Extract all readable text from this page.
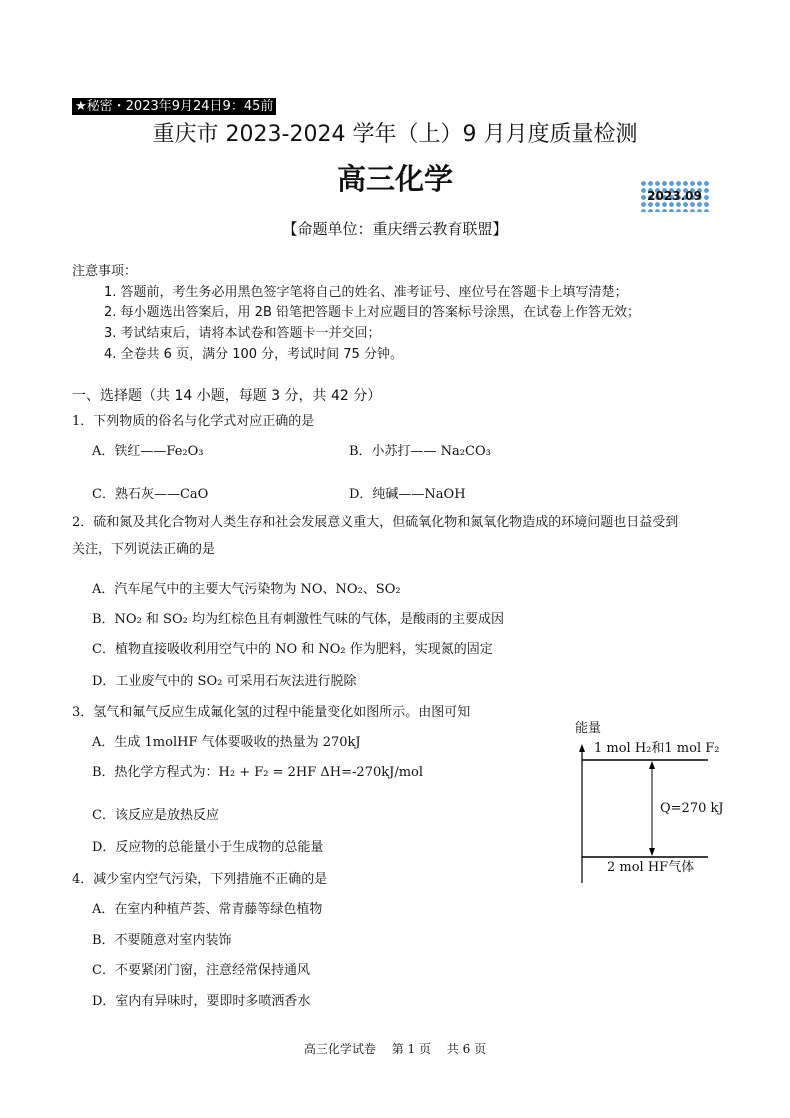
★秘密・2023年9月24日9：45前
重庆市 2023-2024 学年（上）9 月月度质量检测
高三化学	2023.09
【命题单位：重庆缙云教育联盟】
注意事项：
1. 答题前，考生务必用黑色签字笔将自己的姓名、准考证号、座位号在答题卡上填写清楚；
2. 每小题选出答案后，用 2B 铅笔把答题卡上对应题目的答案标号涂黑，在试卷上作答无效；
3. 考试结束后，请将本试卷和答题卡一并交回；
4. 全卷共 6 页，满分 100 分，考试时间 75 分钟。
一、选择题（共 14 小题，每题 3 分，共 42 分）
1．下列物质的俗名与化学式对应正确的是
A．铁红——Fe₂O₃	B．小苏打—— Na₂CO₃
C．熟石灰——CaO	D．纯碱——NaOH
2．硫和氮及其化合物对人类生存和社会发展意义重大，但硫氧化物和氮氧化物造成的环境问题也日益受到
关注，下列说法正确的是
A．汽车尾气中的主要大气污染物为 NO、NO₂、SO₂
B．NO₂ 和 SO₂ 均为红棕色且有刺激性气味的气体，是酸雨的主要成因
C．植物直接吸收利用空气中的 NO 和 NO₂ 作为肥料，实现氮的固定
D．工业废气中的 SO₂ 可采用石灰法进行脱除
3．氢气和氟气反应生成氟化氢的过程中能量变化如图所示。由图可知
A．生成 1molHF 气体要吸收的热量为 270kJ
B．热化学方程式为：H₂ + F₂ = 2HF ΔH=-270kJ/mol
C．该反应是放热反应
D．反应物的总能量小于生成物的总能量
能量
1 mol H₂和1 mol F₂
Q=270 kJ
2 mol HF气体
4．减少室内空气污染，下列措施不正确的是
A．在室内种植芦荟、常青藤等绿色植物
B．不要随意对室内装饰
C．不要紧闭门窗，注意经常保持通风
D．室内有异味时，要即时多喷洒香水
高三化学试卷　 第 1 页　 共 6 页
